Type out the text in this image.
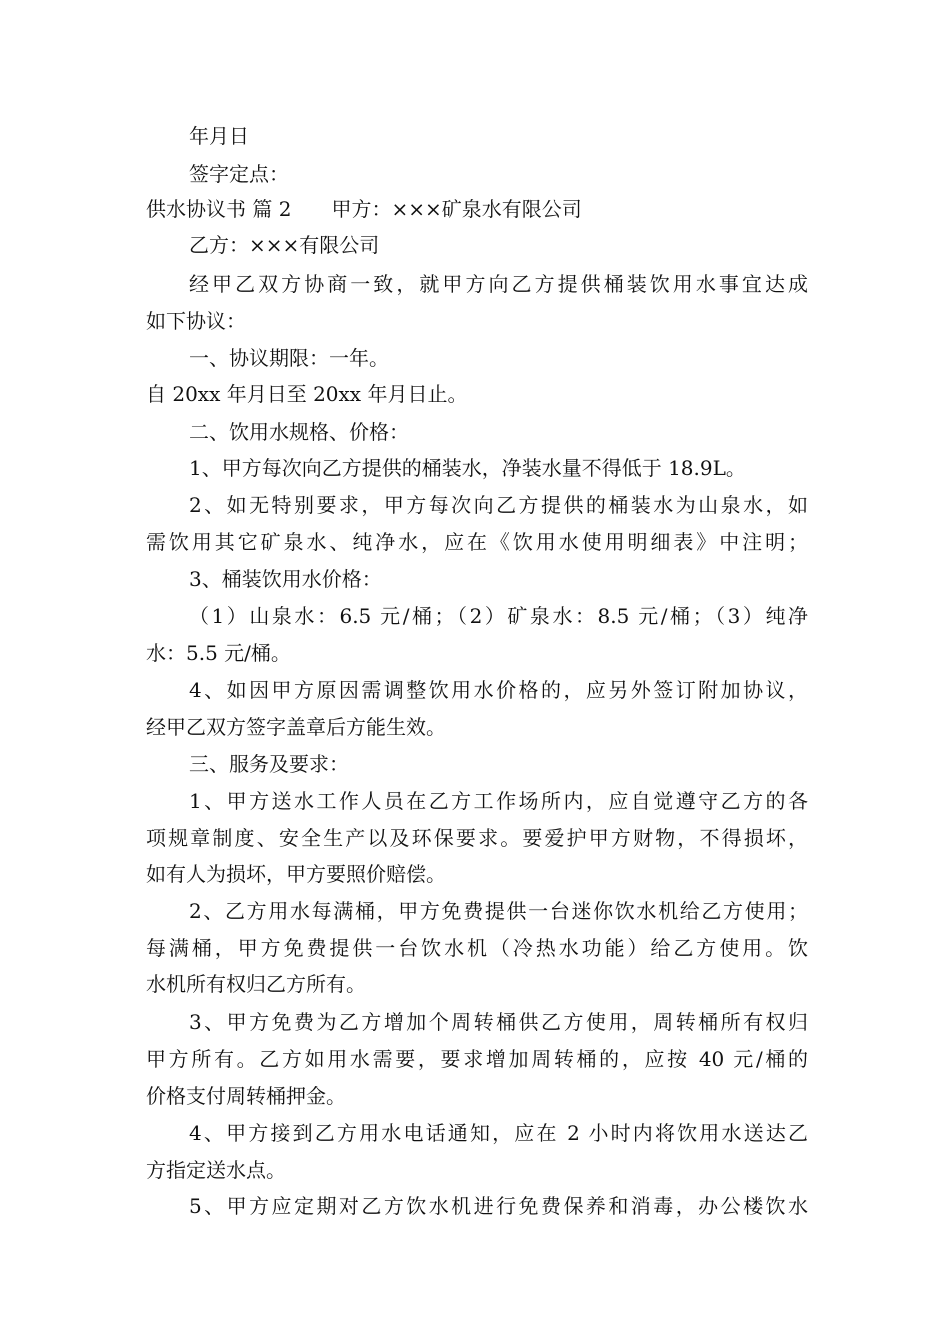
年月日
签字定点：
供水协议书 篇 2 甲方：×××矿泉水有限公司
乙方：×××有限公司
经甲乙双方协商一致，就甲方向乙方提供桶装饮用水事宜达成
如下协议：
一、协议期限：一年。
自 20xx 年月日至 20xx 年月日止。
二、饮用水规格、价格：
1、甲方每次向乙方提供的桶装水，净装水量不得低于 18.9L。
2、如无特别要求，甲方每次向乙方提供的桶装水为山泉水，如
需饮用其它矿泉水、纯净水，应在《饮用水使用明细表》中注明；
3、桶装饮用水价格：
（1）山泉水：6.5 元/桶；（2）矿泉水：8.5 元/桶；（3）纯净
水：5.5 元/桶。
4、如因甲方原因需调整饮用水价格的，应另外签订附加协议，
经甲乙双方签字盖章后方能生效。
三、服务及要求：
1、甲方送水工作人员在乙方工作场所内，应自觉遵守乙方的各
项规章制度、安全生产以及环保要求。要爱护甲方财物，不得损坏，
如有人为损坏，甲方要照价赔偿。
2、乙方用水每满桶，甲方免费提供一台迷你饮水机给乙方使用；
每满桶，甲方免费提供一台饮水机（冷热水功能）给乙方使用。饮
水机所有权归乙方所有。
3、甲方免费为乙方增加个周转桶供乙方使用，周转桶所有权归
甲方所有。乙方如用水需要，要求增加周转桶的，应按 40 元/桶的
价格支付周转桶押金。
4、甲方接到乙方用水电话通知，应在 2 小时内将饮用水送达乙
方指定送水点。
5、甲方应定期对乙方饮水机进行免费保养和消毒，办公楼饮水
